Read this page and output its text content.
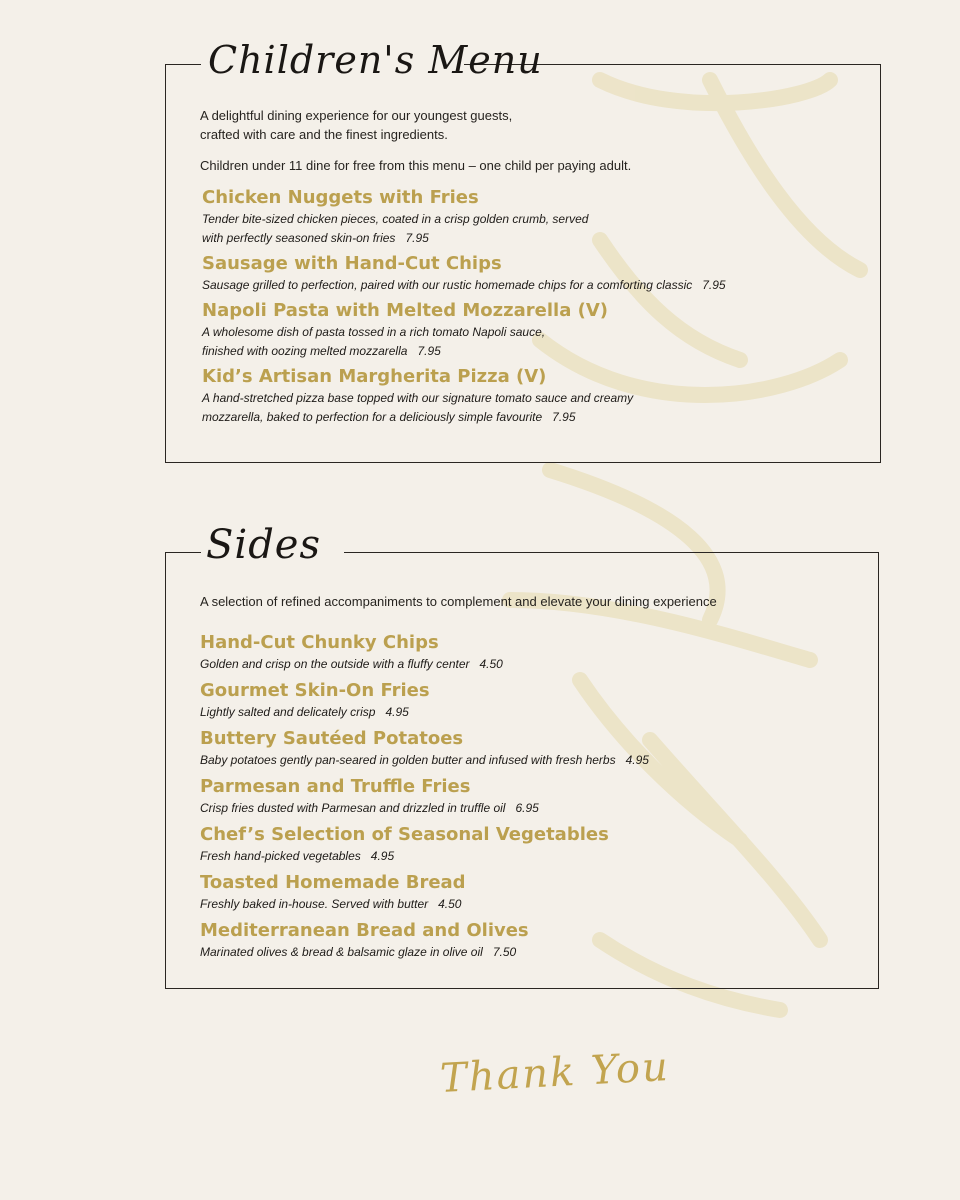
Children's Menu

A delightful dining experience for our youngest guests,
crafted with care and the finest ingredients.

Children under 11 dine for free from this menu – one child per paying adult.

Chicken Nuggets with Fries

Tender bite-sized chicken pieces, coated in a crisp golden crumb, served
with perfectly seasoned skin-on fries 7.95

Sausage with Hand-Cut Chips

Sausage grilled to perfection, paired with our rustic homemade chips for a comforting classic 7.95

Napoli Pasta with Melted Mozzarella (V)

A wholesome dish of pasta tossed in a rich tomato Napoli sauce,
finished with oozing melted mozzarella 7.95

Kid’s Artisan Margherita Pizza (V)

A hand-stretched pizza base topped with our signature tomato sauce and creamy
mozzarella, baked to perfection for a deliciously simple favourite 7.95

Sides

A selection of refined accompaniments to complement and elevate your dining experience

Hand-Cut Chunky Chips

Golden and crisp on the outside with a fluffy center 4.50

Gourmet Skin-On Fries

Lightly salted and delicately crisp 4.95

Buttery Sautéed Potatoes

Baby potatoes gently pan-seared in golden butter and infused with fresh herbs 4.95

Parmesan and Truffle Fries

Crisp fries dusted with Parmesan and drizzled in truffle oil 6.95

Chef’s Selection of Seasonal Vegetables

Fresh hand-picked vegetables 4.95

Toasted Homemade Bread

Freshly baked in-house. Served with butter 4.50

Mediterranean Bread and Olives

Marinated olives & bread & balsamic glaze in olive oil 7.50

Thank You
